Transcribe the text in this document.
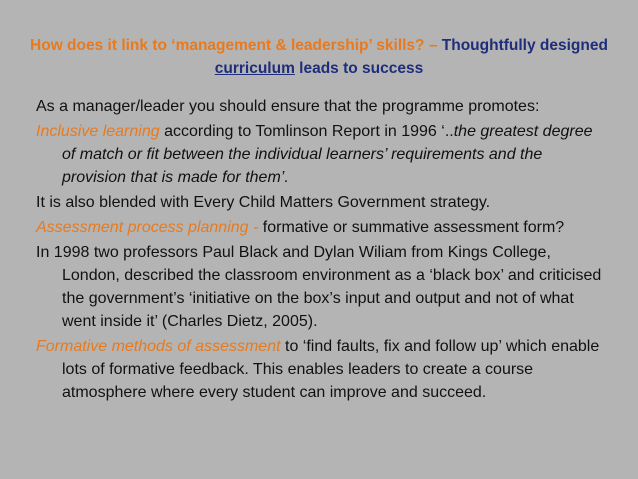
How does it link to ‘management & leadership’ skills? – Thoughtfully designed curriculum leads to success

As a manager/leader you should ensure that the programme promotes:

Inclusive learning according to Tomlinson Report in 1996 ‘..the greatest degree of match or fit between the individual learners’ requirements and the provision that is made for them’.

It is also blended with Every Child Matters Government strategy.

Assessment process planning - formative or summative assessment form?

In 1998 two professors Paul Black and Dylan Wiliam from Kings College, London, described the classroom environment as a ‘black box’ and criticised the government’s ‘initiative on the box’s input and output and not of what went inside it’ (Charles Dietz, 2005).

Formative methods of assessment to ‘find faults, fix and follow up’ which enable lots of formative feedback. This enables leaders to create a course atmosphere where every student can improve and succeed.
